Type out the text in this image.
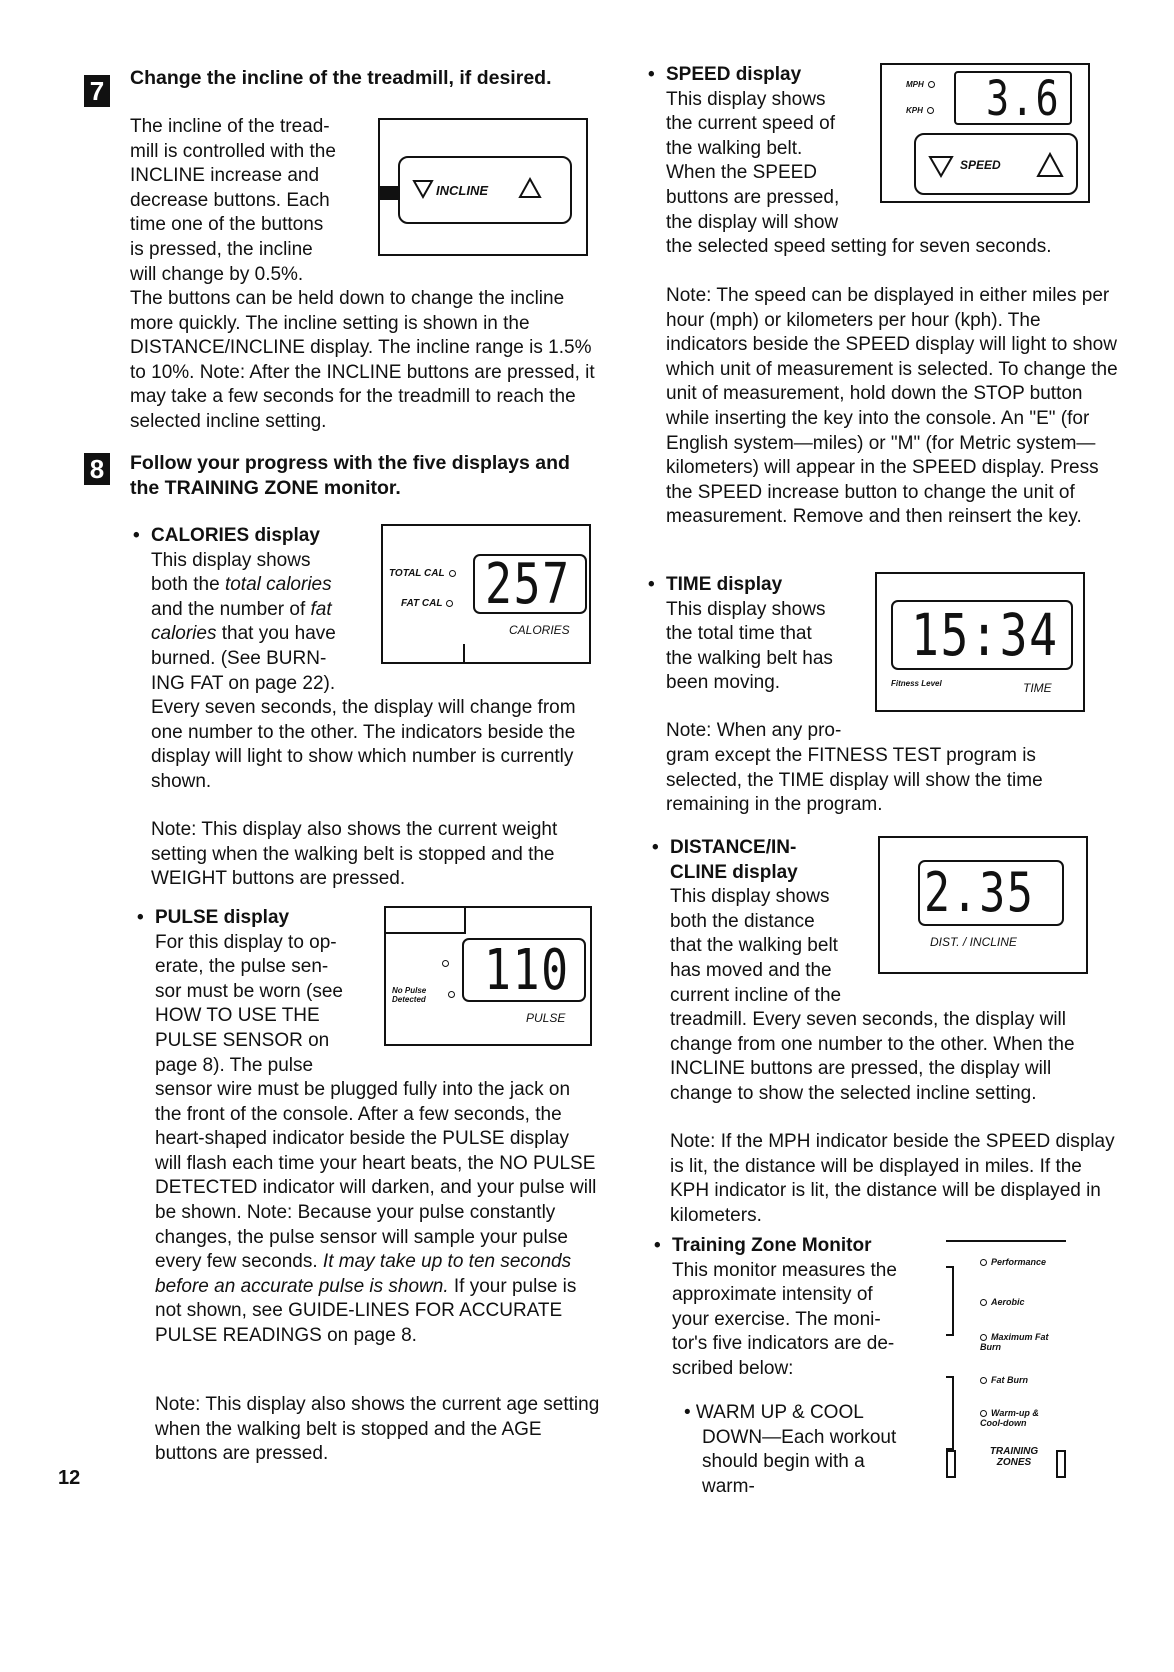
7 Change the incline of the treadmill, if desired.

The incline of the tread-

mill is controlled with the

INCLINE increase and

decrease buttons. Each

time one of the buttons

is pressed, the incline

will change by 0.5%.

The buttons can be held down to change the incline more quickly. The incline setting is shown in the DISTANCE/INCLINE display. The incline range is 1.5% to 10%. Note: After the INCLINE buttons are pressed, it may take a few seconds for the treadmill to reach the selected incline setting.

INCLINE
8 Follow your progress with the five displays and
the TRAINING ZONE monitor.
• CALORIES display

This display shows

both the total calories

and the number of fat

calories that you have

burned. (See BURN-

ING FAT on page 22).

Every seven seconds, the display will change from one number to the other. The indicators beside the display will light to show which number is currently shown.

Note: This display also shows the current weight setting when the walking belt is stopped and the WEIGHT buttons are pressed.

TOTAL CAL
FAT CAL 257
CALORIES
• PULSE display

For this display to op-

erate, the pulse sen-

sor must be worn (see

HOW TO USE THE

PULSE SENSOR on

page 8). The pulse

sensor wire must be plugged fully into the jack on the front of the console. After a few seconds, the heart-shaped indicator beside the PULSE display will flash each time your heart beats, the NO PULSE DETECTED indicator will darken, and your pulse will be shown. Note: Because your pulse constantly changes, the pulse sensor will sample your pulse every few seconds. It may take up to ten seconds before an accurate pulse is shown. If your pulse is not shown, see GUIDE-LINES FOR ACCURATE PULSE READINGS on page 8.

Note: This display also shows the current age setting when the walking belt is stopped and the AGE buttons are pressed.

No Pulse Detected 110
PULSE
12
• SPEED display

This display shows

the current speed of

the walking belt.

When the SPEED

buttons are pressed,

the display will show

the selected speed setting for seven seconds.

Note: The speed can be displayed in either miles per hour (mph) or kilometers per hour (kph). The indicators beside the SPEED display will light to show which unit of measurement is selected. To change the unit of measurement, hold down the STOP button while inserting the key into the console. An "E" (for English system—miles) or "M" (for Metric system—kilometers) will appear in the SPEED display. Press the SPEED increase button to change the unit of measurement. Remove and then reinsert the key.

MPH
KPH 3.6
SPEED
• TIME display

This display shows

the total time that

the walking belt has

been moving.

Note: When any pro-

gram except the FITNESS TEST program is selected, the TIME display will show the time remaining in the program.

15:34
Fitness Level	TIME
• DISTANCE/IN-

CLINE display

This display shows

both the distance

that the walking belt

has moved and the

current incline of the

treadmill. Every seven seconds, the display will change from one number to the other. When the INCLINE buttons are pressed, the display will change to show the selected incline setting.

Note: If the MPH indicator beside the SPEED display is lit, the distance will be displayed in miles. If the KPH indicator is lit, the distance will be displayed in kilometers.

2.35
DIST. / INCLINE
• Training Zone Monitor

This monitor measures the

approximate intensity of

your exercise. The moni-

tor's five indicators are de-

scribed below:

• WARM UP & COOL

DOWN—Each workout

should begin with a warm-

Performance
Aerobic
Maximum Fat Burn
Fat Burn
Warm-up & Cool-down
TRAINING ZONES
